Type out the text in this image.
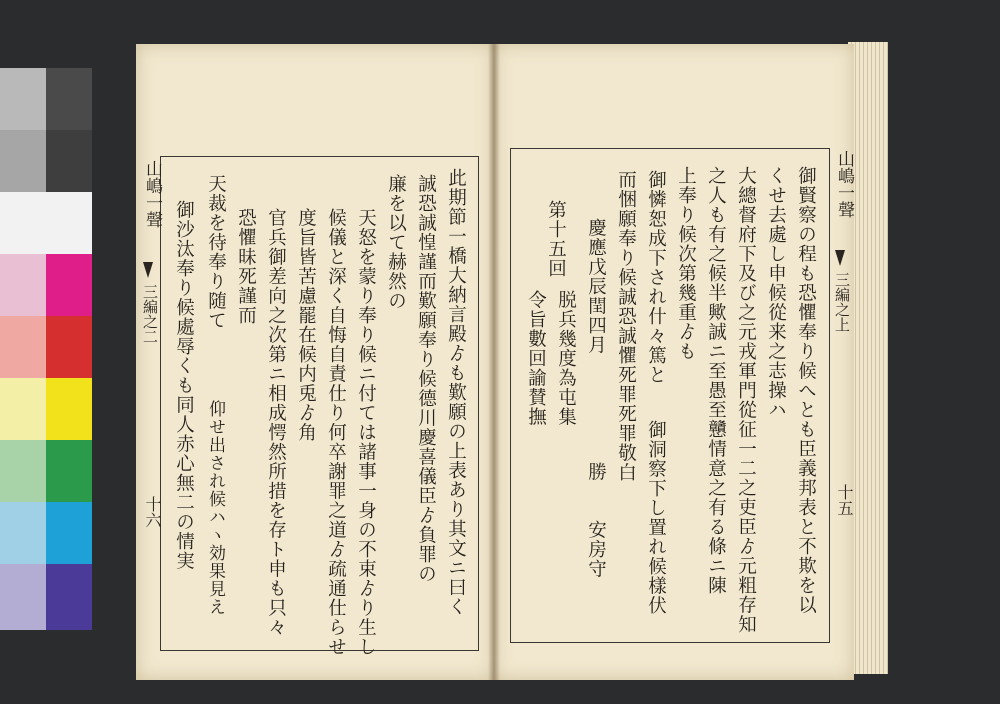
山嶋一聲
三編之二
十六	此期節一橋大納言殿ゟも歎願の上表あり其文ニ曰く
誠恐誠惶謹而歎願奉り候德川慶喜儀臣ゟ負罪の
廉を以て赫然の
天怒を蒙り奉り候ニ付ては諸事一身の不束ゟり生し
候儀と深く自悔自責仕り何卒謝罪之道ゟ疏通仕らせ
度旨皆苦慮罷在候内兎ゟ角
官兵御差向之次第ニ相成愕然所措を存ト申も只々
恐懼昧死謹而
天裁を待奉り随て
仰せ出され候ハヽ効果見え
御沙汰奉り候處辱くも同人赤心無二の情実
山嶋一聲
三編之上
十五
御賢察の程も恐懼奉り候へとも臣義邦表と不欺を以
くせ去處し申候從来之志操ハ
大總督府下及び之元戎軍門從征一二之吏臣ゟ元粗存知
之人も有之候半歟誠ニ至愚至戇情意之有る條ニ陳
上奉り候次第幾重ゟも
御洞察下し置れ候樣伏
御憐恕成下され什々篤と
而悃願奉り候誠恐誠懼死罪死罪敬白
慶應戊辰閏四月
勝
安房守
第十五回
脱兵幾度為屯集
令旨數回諭賛撫
